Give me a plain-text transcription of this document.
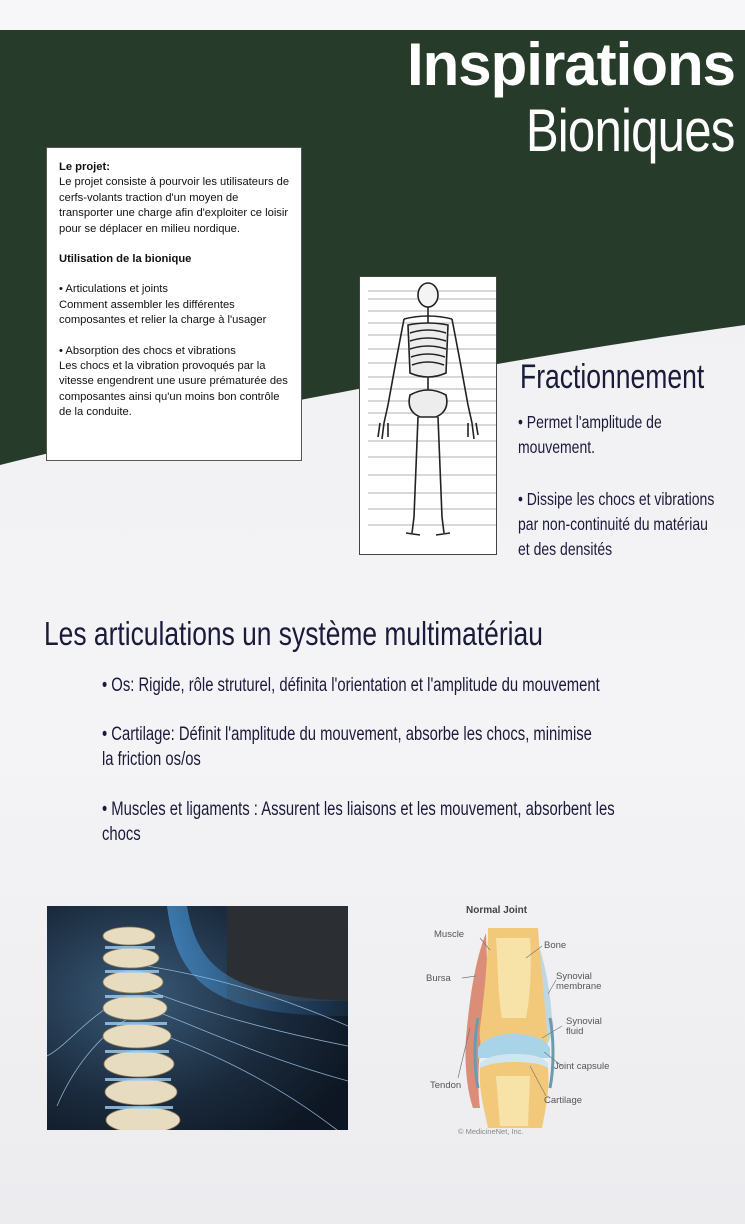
Inspirations
Bioniques

Le projet:

Le projet consiste à pourvoir les utilisateurs de cerfs-volants traction d'un moyen de transporter une charge afin d'exploiter ce loisir pour se déplacer en milieu nordique.

Utilisation de la bionique

• Articulations et joints

Comment assembler les différentes composantes et relier la charge à l'usager

• Absorption des chocs et vibrations

Les chocs et la vibration provoqués par la vitesse engendrent une usure prématurée des composantes ainsi qu'un moins bon contrôle de la conduite.

Fractionnement
• Permet l'amplitude de mouvement.
• Dissipe les chocs et vibrations par non-continuité du matériau et des densités
Les articulations un système multimatériau
• Os: Rigide, rôle struturel, définita l'orientation et l'amplitude du mouvement
• Cartilage: Définit l'amplitude du mouvement, absorbe les chocs, minimise la friction os/os
• Muscles et ligaments : Assurent les liaisons et les mouvement, absorbent les chocs
Normal Joint
Muscle
Bone
Bursa	Synovial
membrane
Synovial
fluid
Joint capsule
Tendon
Cartilage
© MedicineNet, Inc.
